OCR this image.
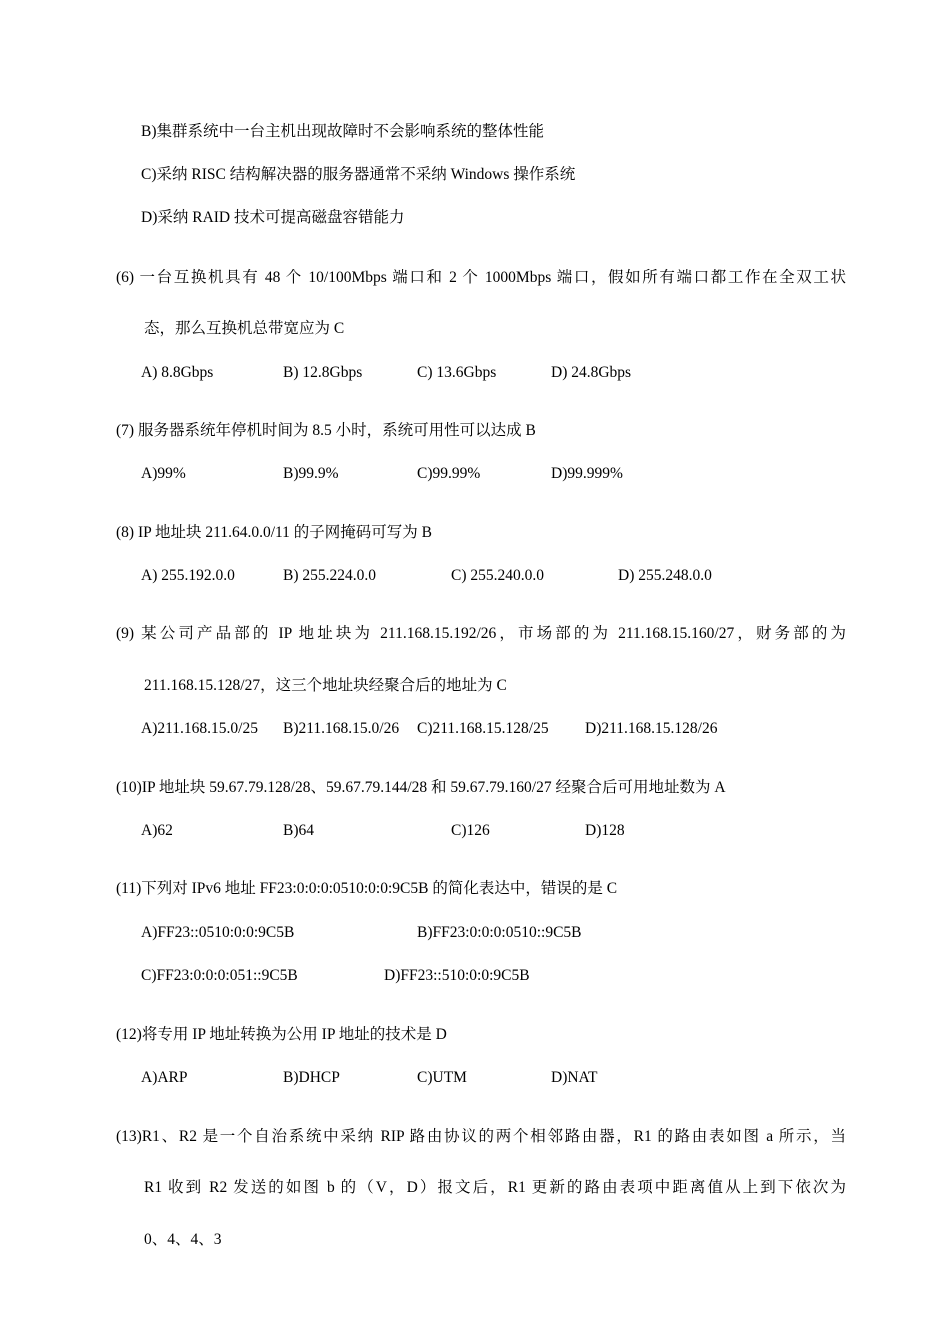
B)集群系统中一台主机出现故障时不会影响系统的整体性能
C)采纳 RISC 结构解决器的服务器通常不采纳 Windows 操作系统
D)采纳 RAID 技术可提高磁盘容错能力
(6) 一台互换机具有 48 个 10/100Mbps 端口和 2 个 1000Mbps 端口，假如所有端口都工作在全双工状
态，那么互换机总带宽应为 C
A) 8.8Gbps	B) 12.8Gbps	C) 13.6Gbps	D) 24.8Gbps
(7) 服务器系统年停机时间为 8.5 小时，系统可用性可以达成 B
A)99%	B)99.9%	C)99.99%	D)99.999%
(8) IP 地址块 211.64.0.0/11 的子网掩码可写为 B
A) 255.192.0.0	B) 255.224.0.0	C) 255.240.0.0	D) 255.248.0.0
(9) 某公司产品部的 IP 地址块为 211.168.15.192/26，市场部的为 211.168.15.160/27，财务部的为
211.168.15.128/27，这三个地址块经聚合后的地址为 C
A)211.168.15.0/25 B)211.168.15.0/26 C)211.168.15.128/25 D)211.168.15.128/26
(10)IP 地址块 59.67.79.128/28、59.67.79.144/28 和 59.67.79.160/27 经聚合后可用地址数为 A
A)62	B)64	C)126	D)128
(11)下列对 IPv6 地址 FF23:0:0:0:0510:0:0:9C5B 的简化表达中，错误的是 C
A)FF23::0510:0:0:9C5B	B)FF23:0:0:0:0510::9C5B
C)FF23:0:0:0:051::9C5B	D)FF23::510:0:0:9C5B
(12)将专用 IP 地址转换为公用 IP 地址的技术是 D
A)ARP	B)DHCP	C)UTM	D)NAT
(13)R1、R2 是一个自治系统中采纳 RIP 路由协议的两个相邻路由器，R1 的路由表如图 a 所示，当
R1 收到 R2 发送的如图 b 的（V，D）报文后，R1 更新的路由表项中距离值从上到下依次为
0、4、4、3
